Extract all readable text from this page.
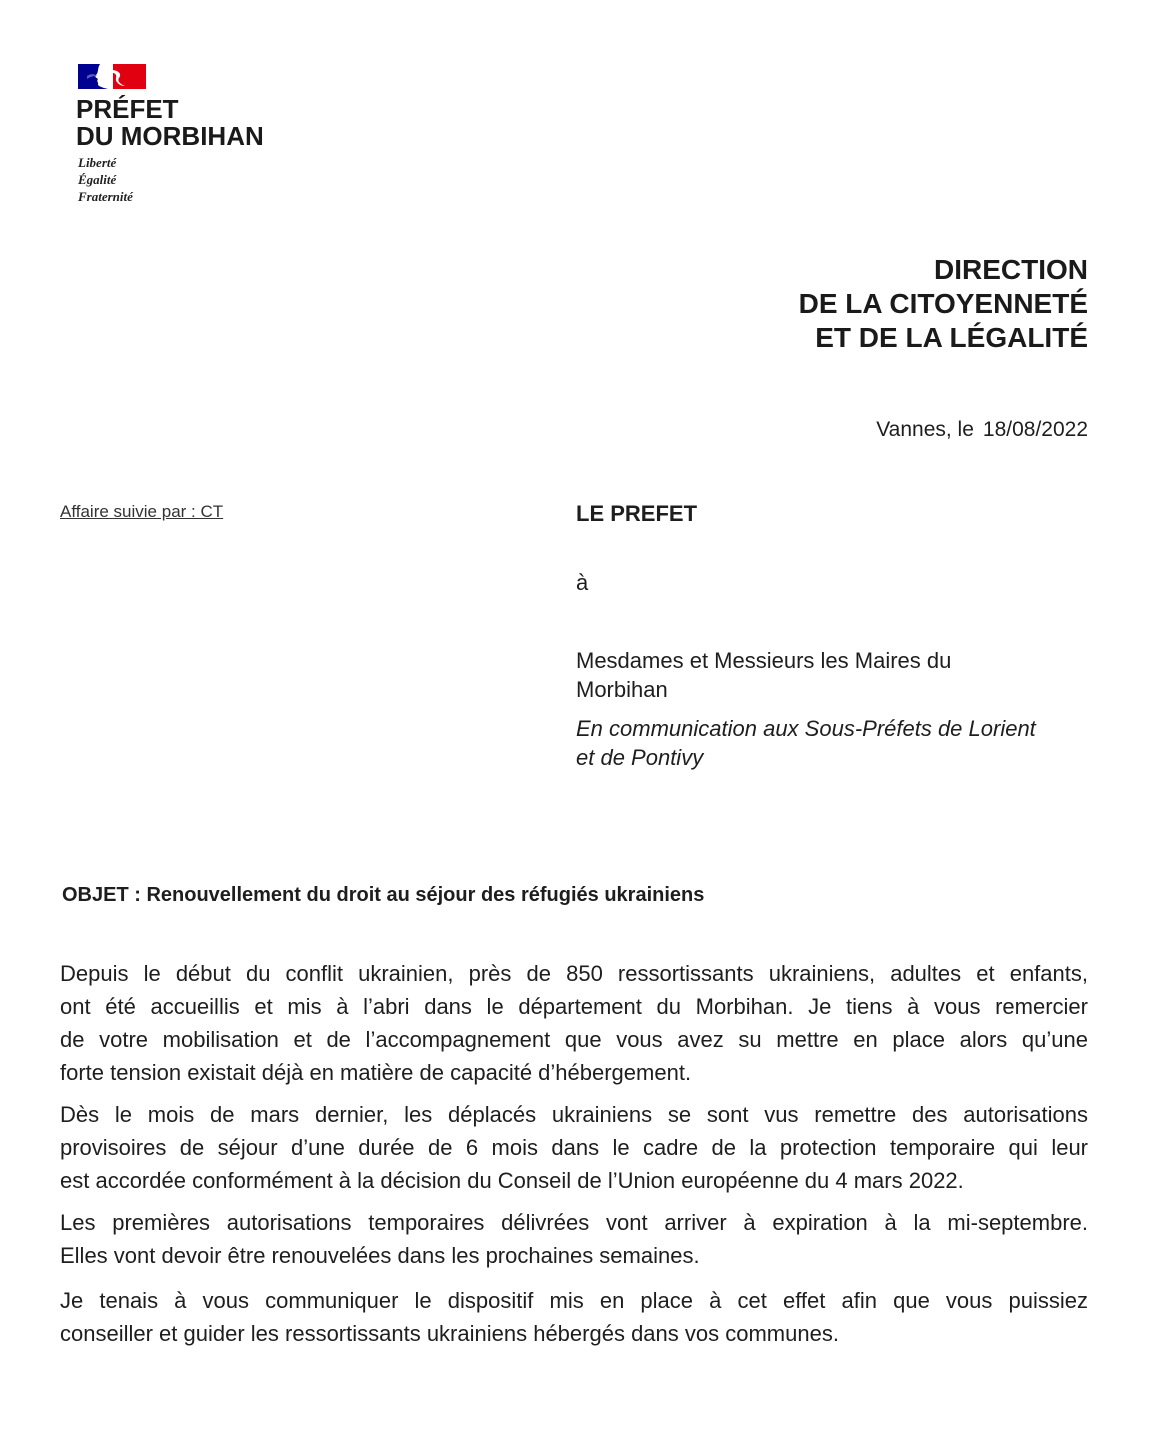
PRÉFET
DU MORBIHAN
Liberté
Égalité
Fraternité
DIRECTION
DE LA CITOYENNETÉ
ET DE LA LÉGALITÉ
Vannes, le 18/08/2022
Affaire suivie par : CT	LE PREFET
à
Mesdames et Messieurs les Maires du
Morbihan
En communication aux Sous-Préfets de Lorient
et de Pontivy
OBJET : Renouvellement du droit au séjour des réfugiés ukrainiens
Depuis le début du conflit ukrainien, près de 850 ressortissants ukrainiens, adultes et enfants,
ont été accueillis et mis à l’abri dans le département du Morbihan. Je tiens à vous remercier
de votre mobilisation et de l’accompagnement que vous avez su mettre en place alors qu’une
forte tension existait déjà en matière de capacité d’hébergement.
Dès le mois de mars dernier, les déplacés ukrainiens se sont vus remettre des autorisations
provisoires de séjour d’une durée de 6 mois dans le cadre de la protection temporaire qui leur
est accordée conformément à la décision du Conseil de l’Union européenne du 4 mars 2022.
Les premières autorisations temporaires délivrées vont arriver à expiration à la mi-septembre.
Elles vont devoir être renouvelées dans les prochaines semaines.
Je tenais à vous communiquer le dispositif mis en place à cet effet afin que vous puissiez
conseiller et guider les ressortissants ukrainiens hébergés dans vos communes.
